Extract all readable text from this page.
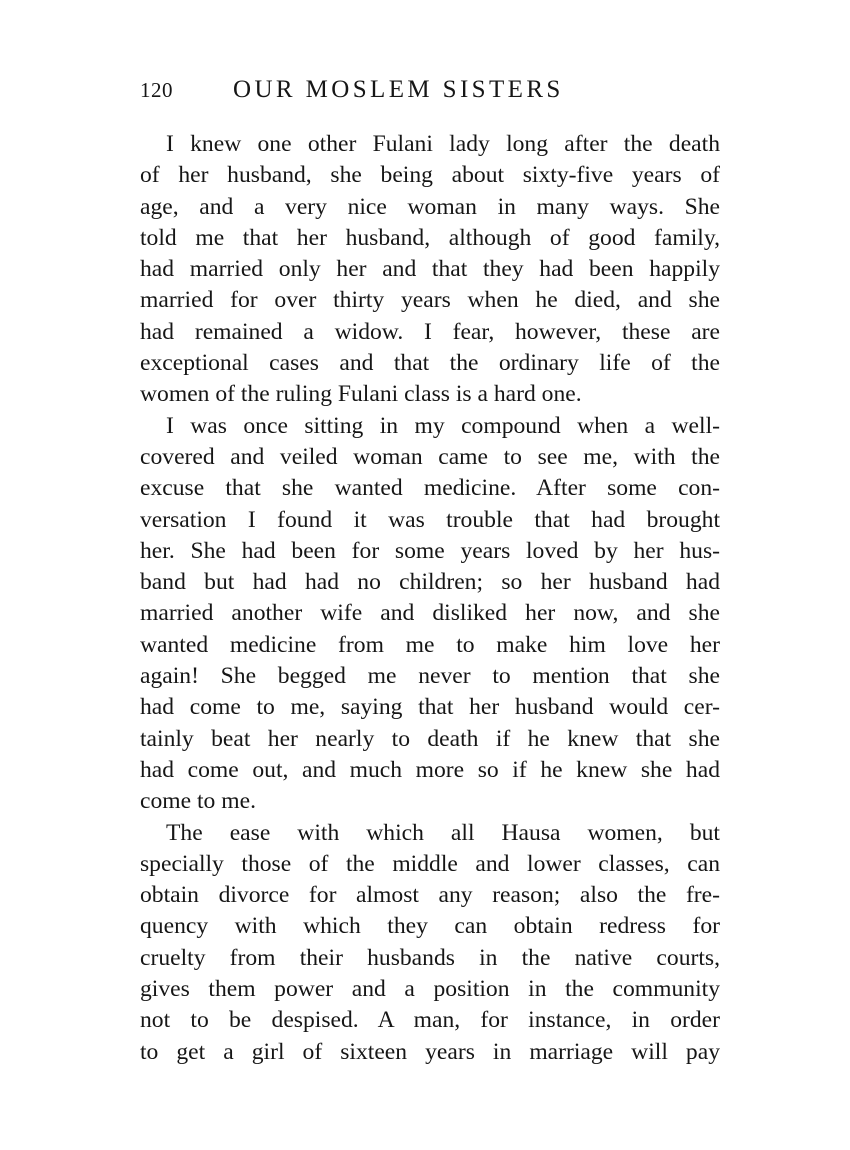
120 OUR MOSLEM SISTERS
I knew one other Fulani lady long after the death
of her husband, she being about sixty-five years of
age, and a very nice woman in many ways. She
told me that her husband, although of good family,
had married only her and that they had been happily
married for over thirty years when he died, and she
had remained a widow. I fear, however, these are
exceptional cases and that the ordinary life of the
women of the ruling Fulani class is a hard one.
I was once sitting in my compound when a well-
covered and veiled woman came to see me, with the
excuse that she wanted medicine. After some con-
versation I found it was trouble that had brought
her. She had been for some years loved by her hus-
band but had had no children; so her husband had
married another wife and disliked her now, and she
wanted medicine from me to make him love her
again! She begged me never to mention that she
had come to me, saying that her husband would cer-
tainly beat her nearly to death if he knew that she
had come out, and much more so if he knew she had
come to me.
The ease with which all Hausa women, but
specially those of the middle and lower classes, can
obtain divorce for almost any reason; also the fre-
quency with which they can obtain redress for
cruelty from their husbands in the native courts,
gives them power and a position in the community
not to be despised. A man, for instance, in order
to get a girl of sixteen years in marriage will pay
